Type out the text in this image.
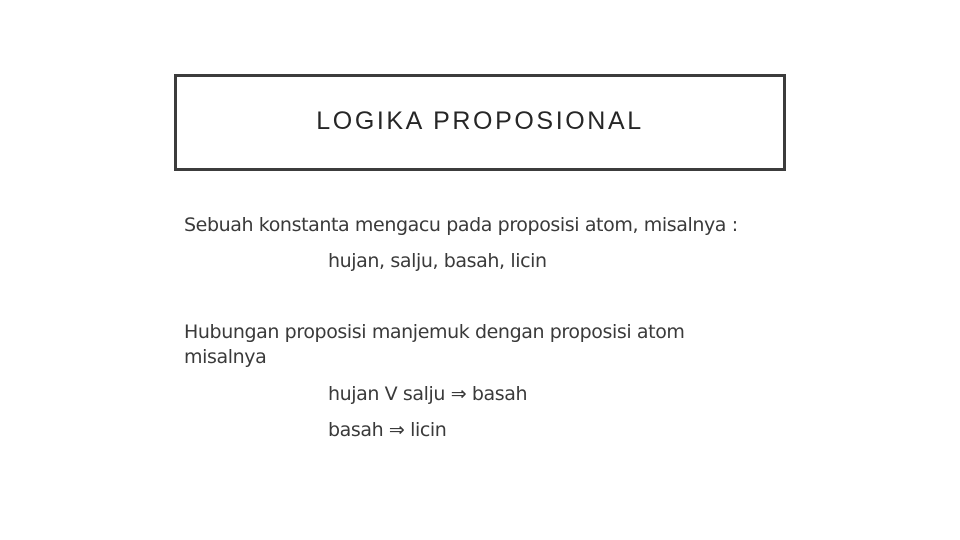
LOGIKA PROPOSIONAL
Sebuah konstanta mengacu pada proposisi atom, misalnya :
hujan, salju, basah, licin
Hubungan proposisi manjemuk dengan proposisi atom misalnya
hujan V salju ⇒ basah
basah ⇒ licin
